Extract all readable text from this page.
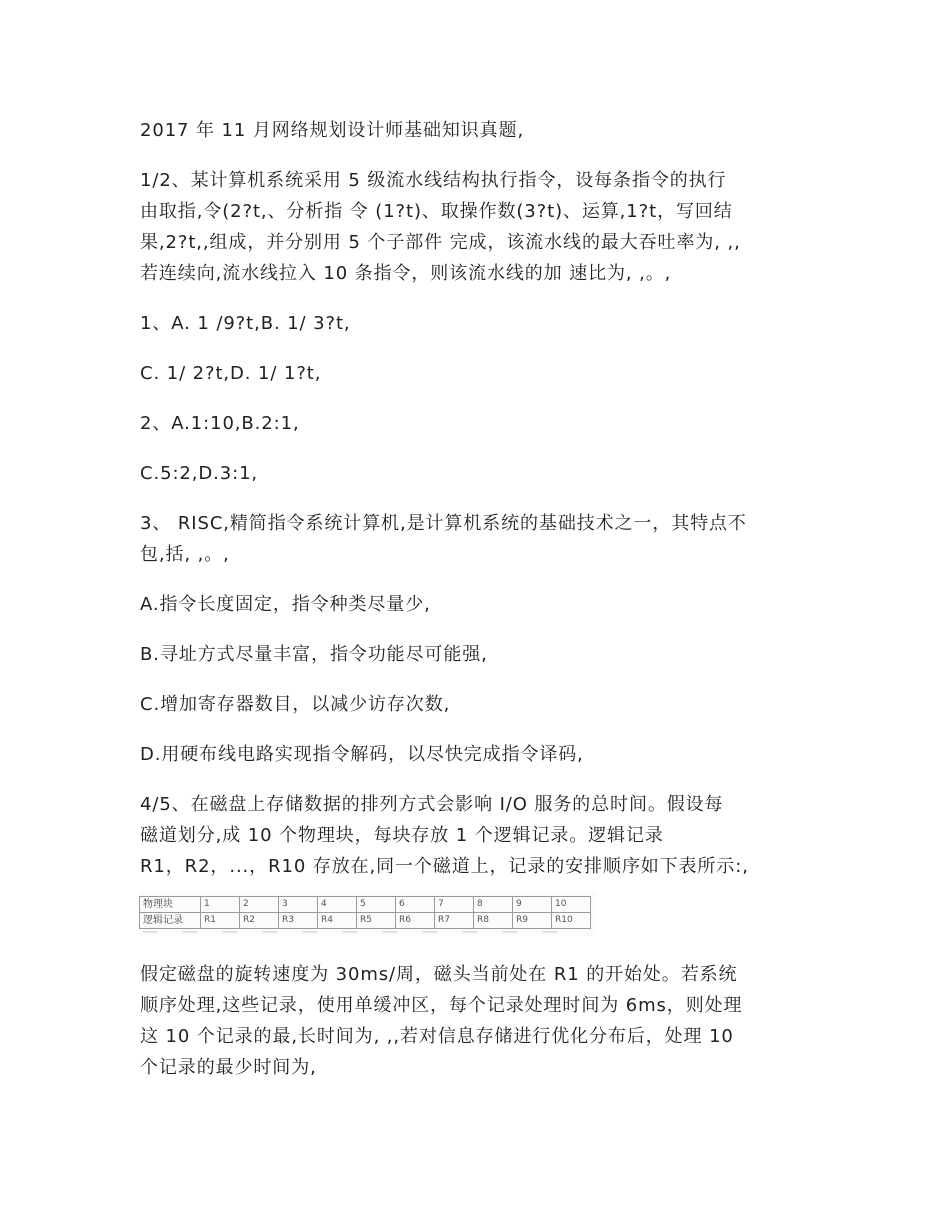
2017 年 11 月网络规划设计师基础知识真题,
1/2、某计算机系统采用 5 级流水线结构执行指令，设每条指令的执行
由取指,令(2?t,、分析指 令 (1?t)、取操作数(3?t)、运算,1?t，写回结
果,2?t,,组成，并分别用 5 个子部件 完成，该流水线的最大吞吐率为, ,,
若连续向,流水线拉入 10 条指令，则该流水线的加 速比为, ,。,
1、A. 1 /9?t,B. 1/ 3?t,
C. 1/ 2?t,D. 1/ 1?t,
2、A.1:10,B.2:1,
C.5:2,D.3:1,
3、 RISC,精简指令系统计算机,是计算机系统的基础技术之一，其特点不
包,括, ,。,
A.指令长度固定，指令种类尽量少,
B.寻址方式尽量丰富，指令功能尽可能强,
C.增加寄存器数目，以减少访存次数,
D.用硬布线电路实现指令解码，以尽快完成指令译码,
4/5、在磁盘上存储数据的排列方式会影响 I/O 服务的总时间。假设每
磁道划分,成 10 个物理块，每块存放 1 个逻辑记录。逻辑记录
R1，R2，...，R10 存放在,同一个磁道上，记录的安排顺序如下表所示:,
物理块	1	2	3	4	5	6	7	8	9	10
逻辑记录	R1	R2	R3	R4	R5	R6	R7	R8	R9	R10
假定磁盘的旋转速度为 30ms/周，磁头当前处在 R1 的开始处。若系统
顺序处理,这些记录，使用单缓冲区，每个记录处理时间为 6ms，则处理
这 10 个记录的最,长时间为, ,,若对信息存储进行优化分布后，处理 10
个记录的最少时间为,
